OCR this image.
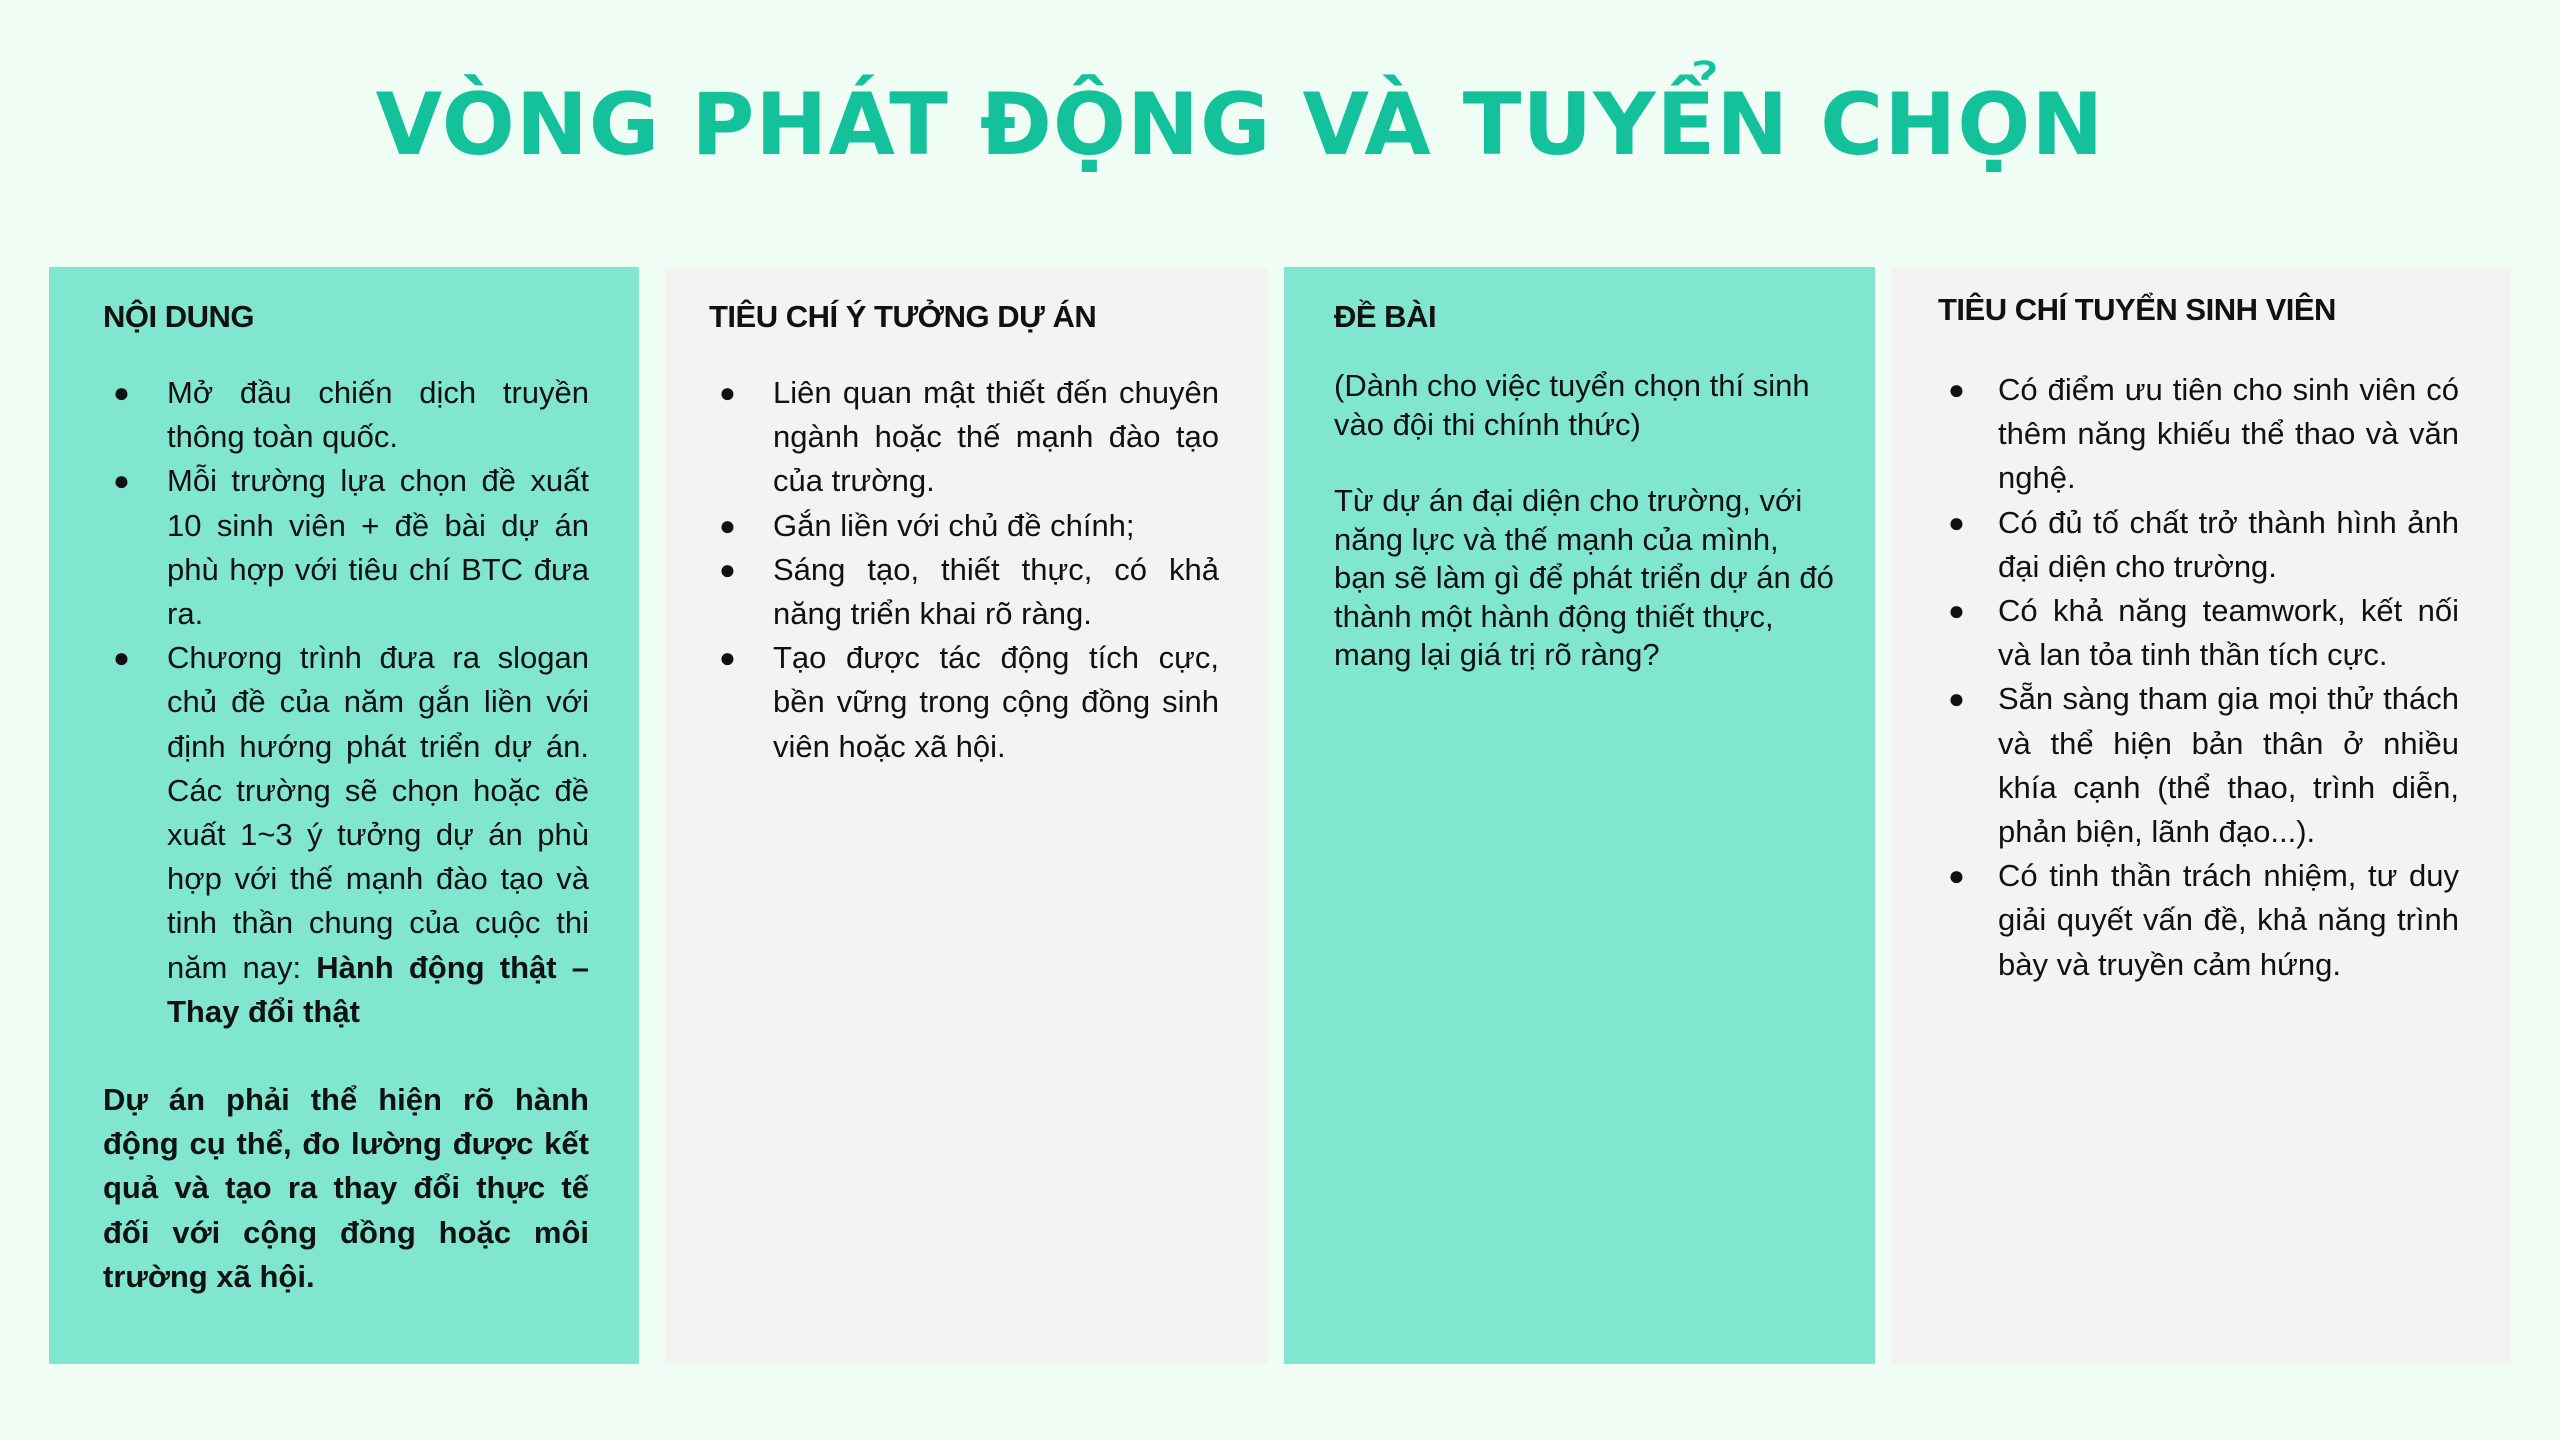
VÒNG PHÁT ĐỘNG VÀ TUYỂN CHỌN
NỘI DUNG
● Mở đầu chiến dịch truyền thông toàn quốc.
● Mỗi trường lựa chọn đề xuất 10 sinh viên + đề bài dự án phù hợp với tiêu chí BTC đưa ra.
● Chương trình đưa ra slogan chủ đề của năm gắn liền với định hướng phát triển dự án. Các trường sẽ chọn hoặc đề xuất 1~3 ý tưởng dự án phù hợp với thế mạnh đào tạo và tinh thần chung của cuộc thi năm nay: Hành động thật – Thay đổi thật

Dự án phải thể hiện rõ hành động cụ thể, đo lường được kết quả và tạo ra thay đổi thực tế đối với cộng đồng hoặc môi trường xã hội.

TIÊU CHÍ Ý TƯỞNG DỰ ÁN
● Liên quan mật thiết đến chuyên ngành hoặc thế mạnh đào tạo của trường.
● Gắn liền với chủ đề chính;
● Sáng tạo, thiết thực, có khả năng triển khai rõ ràng.
● Tạo được tác động tích cực, bền vững trong cộng đồng sinh viên hoặc xã hội.
ĐỀ BÀI

(Dành cho việc tuyển chọn thí sinh vào đội thi chính thức)

Từ dự án đại diện cho trường, với năng lực và thế mạnh của mình, bạn sẽ làm gì để phát triển dự án đó thành một hành động thiết thực, mang lại giá trị rõ ràng?

TIÊU CHÍ TUYỂN SINH VIÊN
● Có điểm ưu tiên cho sinh viên có thêm năng khiếu thể thao và văn nghệ.
● Có đủ tố chất trở thành hình ảnh đại diện cho trường.
● Có khả năng teamwork, kết nối và lan tỏa tinh thần tích cực.
● Sẵn sàng tham gia mọi thử thách và thể hiện bản thân ở nhiều khía cạnh (thể thao, trình diễn, phản biện, lãnh đạo...).
● Có tinh thần trách nhiệm, tư duy giải quyết vấn đề, khả năng trình bày và truyền cảm hứng.
